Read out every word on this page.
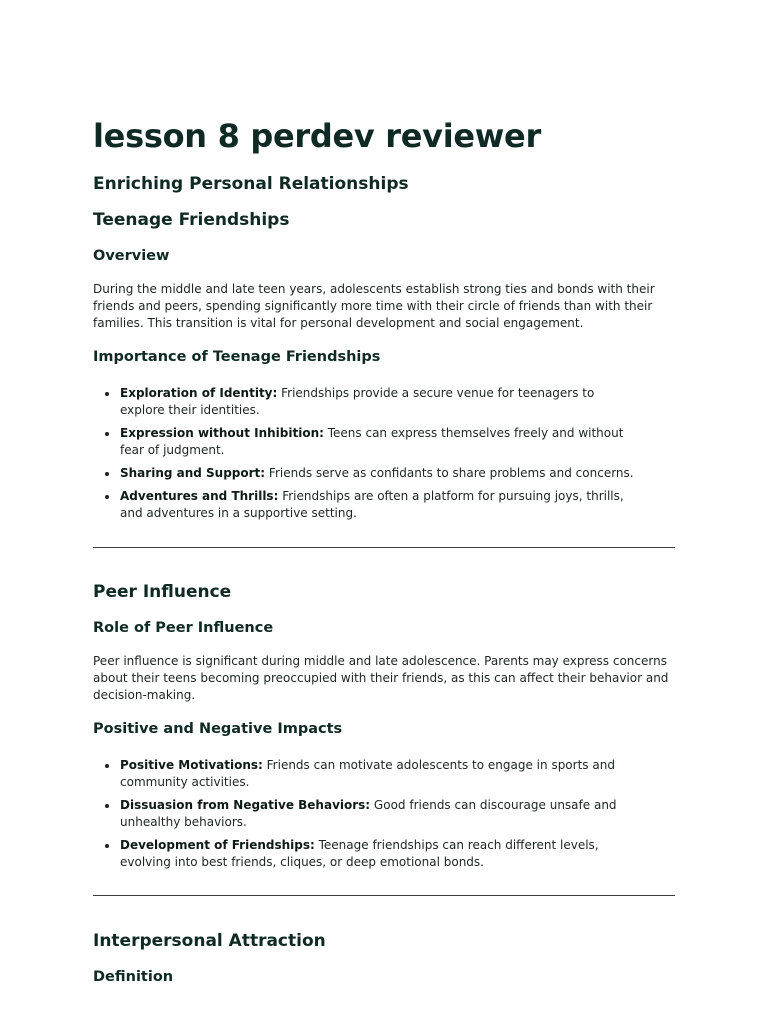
lesson 8 perdev reviewer
Enriching Personal Relationships
Teenage Friendships
Overview

During the middle and late teen years, adolescents establish strong ties and bonds with their friends and peers, spending significantly more time with their circle of friends than with their families. This transition is vital for personal development and social engagement.

Importance of Teenage Friendships
Exploration of Identity: Friendships provide a secure venue for teenagers to explore their identities.
Expression without Inhibition: Teens can express themselves freely and without fear of judgment.
Sharing and Support: Friends serve as confidants to share problems and concerns.
Adventures and Thrills: Friendships are often a platform for pursuing joys, thrills, and adventures in a supportive setting.
Peer Influence
Role of Peer Influence

Peer influence is significant during middle and late adolescence. Parents may express concerns about their teens becoming preoccupied with their friends, as this can affect their behavior and decision-making.

Positive and Negative Impacts
Positive Motivations: Friends can motivate adolescents to engage in sports and community activities.
Dissuasion from Negative Behaviors: Good friends can discourage unsafe and unhealthy behaviors.
Development of Friendships: Teenage friendships can reach different levels, evolving into best friends, cliques, or deep emotional bonds.
Interpersonal Attraction
Definition
